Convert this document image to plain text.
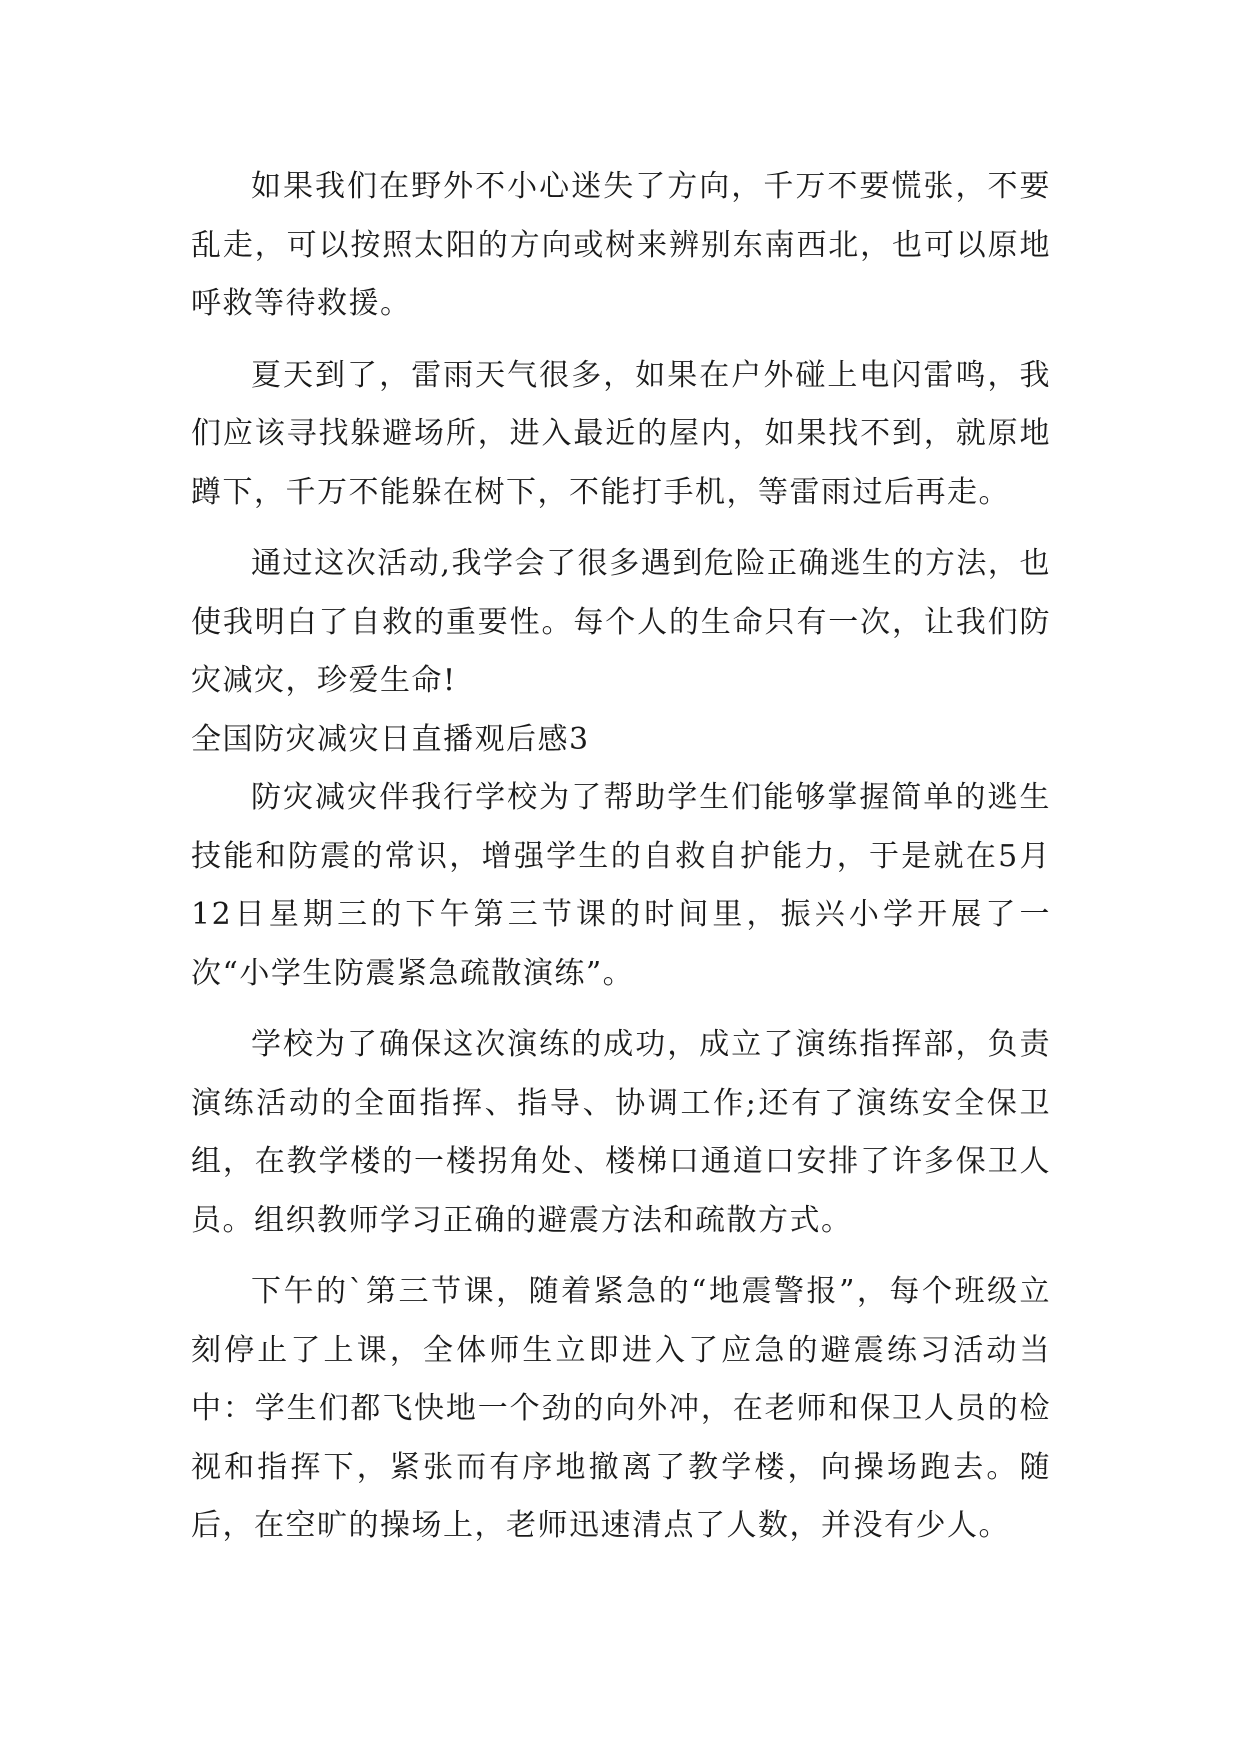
如果我们在野外不小心迷失了方向，千万不要慌张，不要乱走，可以按照太阳的方向或树来辨别东南西北，也可以原地呼救等待救援。

夏天到了，雷雨天气很多，如果在户外碰上电闪雷鸣，我们应该寻找躲避场所，进入最近的屋内，如果找不到，就原地蹲下，千万不能躲在树下，不能打手机，等雷雨过后再走。

通过这次活动,我学会了很多遇到危险正确逃生的方法，也使我明白了自救的重要性。每个人的生命只有一次，让我们防灾减灾，珍爱生命!

全国防灾减灾日直播观后感3

防灾减灾伴我行学校为了帮助学生们能够掌握简单的逃生技能和防震的常识，增强学生的自救自护能力，于是就在5月12日星期三的下午第三节课的时间里，振兴小学开展了一次“小学生防震紧急疏散演练”。

学校为了确保这次演练的成功，成立了演练指挥部，负责演练活动的全面指挥、指导、协调工作;还有了演练安全保卫组，在教学楼的一楼拐角处、楼梯口通道口安排了许多保卫人员。组织教师学习正确的避震方法和疏散方式。

下午的`第三节课，随着紧急的“地震警报”，每个班级立刻停止了上课，全体师生立即进入了应急的避震练习活动当中：学生们都飞快地一个劲的向外冲，在老师和保卫人员的检视和指挥下，紧张而有序地撤离了教学楼，向操场跑去。随后，在空旷的操场上，老师迅速清点了人数，并没有少人。
